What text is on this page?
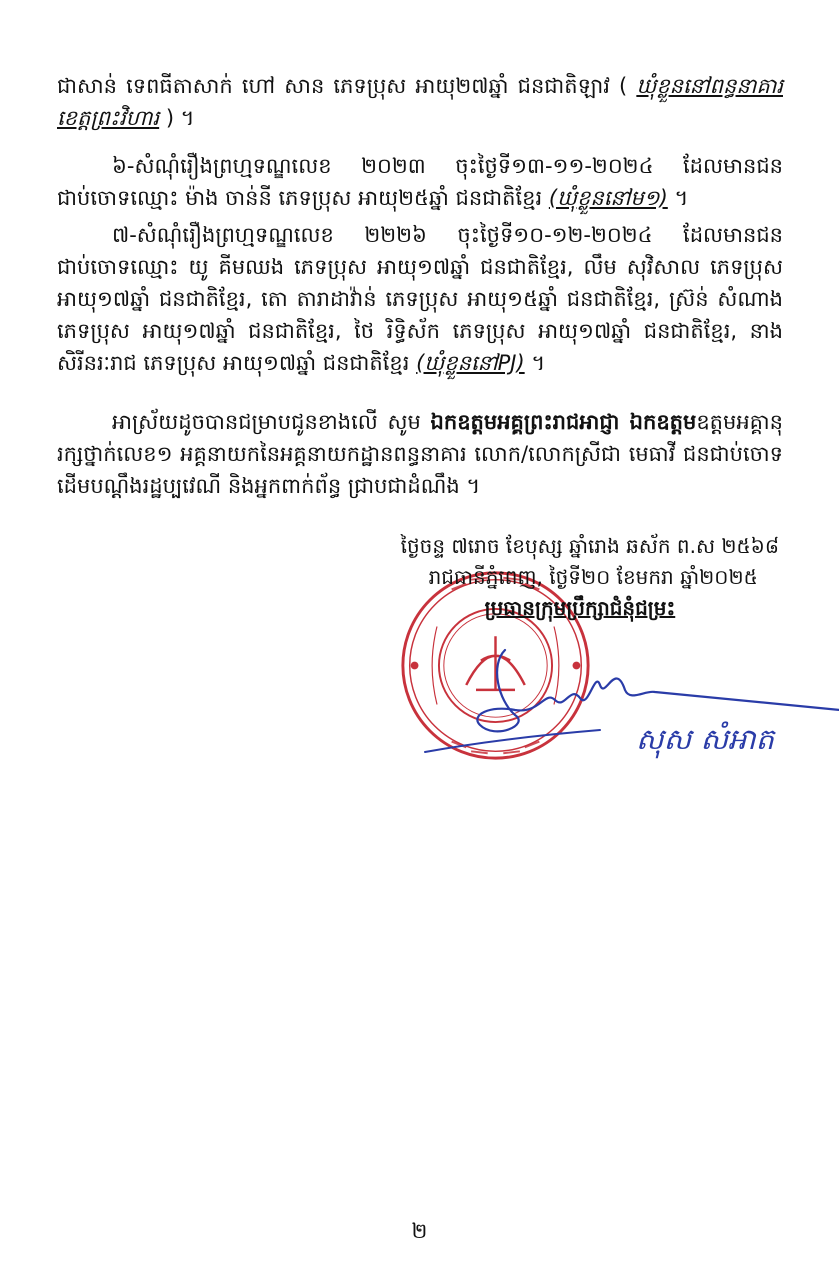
ជាសាន់ ទេពធីតាសាក់ ហៅ សាន ភេទប្រុស អាយុ២៧ឆ្នាំ ជនជាតិឡាវ ( ឃុំខ្លួននៅពន្ធនាគារខេត្តព្រះវិហារ ) ។

៦-សំណុំរឿងព្រហ្មទណ្ឌលេខ ២០២៣ ចុះថ្ងៃទី១៣-១១-២០២៤ ដែលមានជនជាប់ចោទឈ្មោះ ម៉ាង ចាន់នី ភេទប្រុស អាយុ២៥ឆ្នាំ ជនជាតិខ្មែរ (ឃុំខ្លួននៅម១) ។

៧-សំណុំរឿងព្រហ្មទណ្ឌលេខ ២២២៦ ចុះថ្ងៃទី១០-១២-២០២៤ ដែលមានជនជាប់ចោទឈ្មោះ យូ គីមឈង ភេទប្រុស អាយុ១៧ឆ្នាំ ជនជាតិខ្មែរ, លឹម សុវិសាល ភេទប្រុស អាយុ១៧ឆ្នាំ ជនជាតិខ្មែរ, តោ តារាដាវ៉ាន់ ភេទប្រុស អាយុ១៥ឆ្នាំ ជនជាតិខ្មែរ, ស្រ៊ន់ សំណាង ភេទប្រុស អាយុ១៧ឆ្នាំ ជនជាតិខ្មែរ, ថៃ រិទ្ធិស័ក ភេទប្រុស អាយុ១៧ឆ្នាំ ជនជាតិខ្មែរ, នាង សិរីនរៈរាជ ភេទប្រុស អាយុ១៧ឆ្នាំ ជនជាតិខ្មែរ (ឃុំខ្លួននៅPJ) ។

អាស្រ័យដូចបានជម្រាបជូនខាងលើ សូម ឯកឧត្តមអគ្គព្រះរាជអាជ្ញា ឯកឧត្តមឧត្តមអគ្គានុរក្សថ្នាក់លេខ១ អគ្គនាយកនៃអគ្គនាយកដ្ឋានពន្ធនាគារ លោក/លោកស្រីជា មេធាវី ជនជាប់ចោទ ដើមបណ្តឹងរដ្ឋប្បវេណី និងអ្នកពាក់ព័ន្ធ ជ្រាបជាដំណឹង ។

ថ្ងៃចន្ទ ៧រោច ខែបុស្ស ឆ្នាំរោង ឆស័ក ព.ស ២៥៦៨

រាជធានីភ្នំពេញ, ថ្ងៃទី២០ ខែមករា ឆ្នាំ២០២៥

ប្រធានក្រុមប្រឹក្សាជំនុំជម្រះ

សុស សំអាត
២
